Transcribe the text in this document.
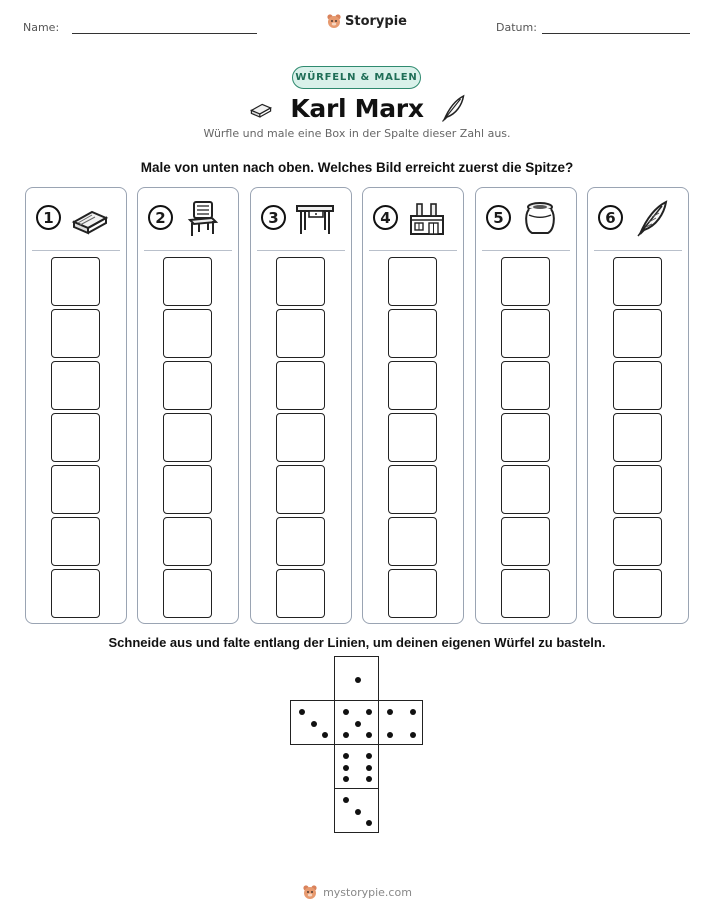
Name:	Storypie	Datum:
WÜRFELN & MALEN
Karl Marx
Würfle und male eine Box in der Spalte dieser Zahl aus.
Male von unten nach oben. Welches Bild erreicht zuerst die Spitze?
1	2	3	4	5	6
Schneide aus und falte entlang der Linien, um deinen eigenen Würfel zu basteln.
mystorypie.com
